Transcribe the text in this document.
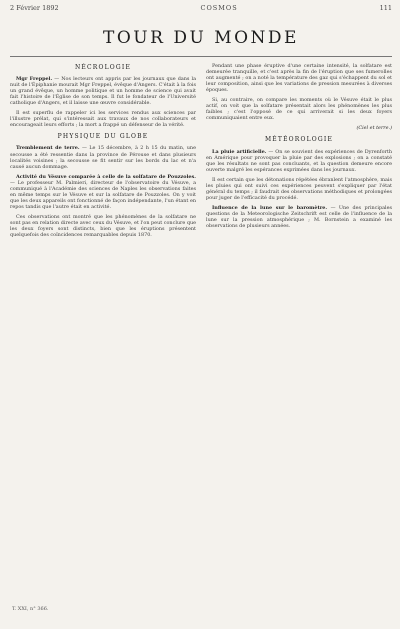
2 Février 1892	COSMOS	111
TOUR DU MONDE
NÉCROLOGIE

Mgr Freppel. — Nos lecteurs ont appris par les journaux que dans la nuit de l'Épiphanie mourait Mgr Freppel, évêque d'Angers. C'était à la fois un grand évêque, un homme politique et un homme de science qui avait fait l'histoire de l'Église de son temps. Il fut le fondateur de l'Université catholique d'Angers, et il laisse une œuvre considérable.

Il est superflu de rappeler ici les services rendus aux sciences par l'illustre prélat, qui s'intéressait aux travaux de nos collaborateurs et encourageait leurs efforts ; la mort a frappé un défenseur de la vérité.

PHYSIQUE DU GLOBE

Tremblement de terre. — Le 15 décembre, à 2 h 15 du matin, une secousse a été ressentie dans la province de Pérouse et dans plusieurs localités voisines ; la secousse se fit sentir sur les bords du lac et n'a causé aucun dommage.

Activité du Vésuve comparée à celle de la solfatare de Pouzzoles. — Le professeur M. Palmieri, directeur de l'observatoire du Vésuve, a communiqué à l'Académie des sciences de Naples les observations faites en même temps sur le Vésuve et sur la solfatare de Pouzzoles. On y voit que les deux appareils ont fonctionné de façon indépendante, l'un étant en repos tandis que l'autre était en activité.

Ces observations ont montré que les phénomènes de la solfatare ne sont pas en relation directe avec ceux du Vésuve, et l'on peut conclure que les deux foyers sont distincts, bien que les éruptions présentent quelquefois des coïncidences remarquables depuis 1870.

Pendant une phase éruptive d'une certaine intensité, la solfatare est demeurée tranquille, et c'est après la fin de l'éruption que ses fumerolles ont augmenté ; on a noté la température des gaz qui s'échappent du sol et leur composition, ainsi que les variations de pression mesurées à diverses époques.

Si, au contraire, on compare les moments où le Vésuve était le plus actif, on voit que la solfatare présentait alors les phénomènes les plus faibles ; c'est l'opposé de ce qui arriverait si les deux foyers communiquaient entre eux.

(Ciel et terre.)

MÉTÉOROLOGIE

La pluie artificielle. — On se souvient des expériences de Dyrenforth en Amérique pour provoquer la pluie par des explosions ; on a constaté que les résultats ne sont pas concluants, et la question demeure encore ouverte malgré les espérances exprimées dans les journaux.

Il est certain que les détonations répétées ébranlent l'atmosphère, mais les pluies qui ont suivi ces expériences peuvent s'expliquer par l'état général du temps ; il faudrait des observations méthodiques et prolongées pour juger de l'efficacité du procédé.

Influence de la lune sur le baromètre. — Une des principales questions de la Meteorologische Zeitschrift est celle de l'influence de la lune sur la pression atmosphérique ; M. Bornstein a examiné les observations de plusieurs années.

T. XXI, n° 366.
